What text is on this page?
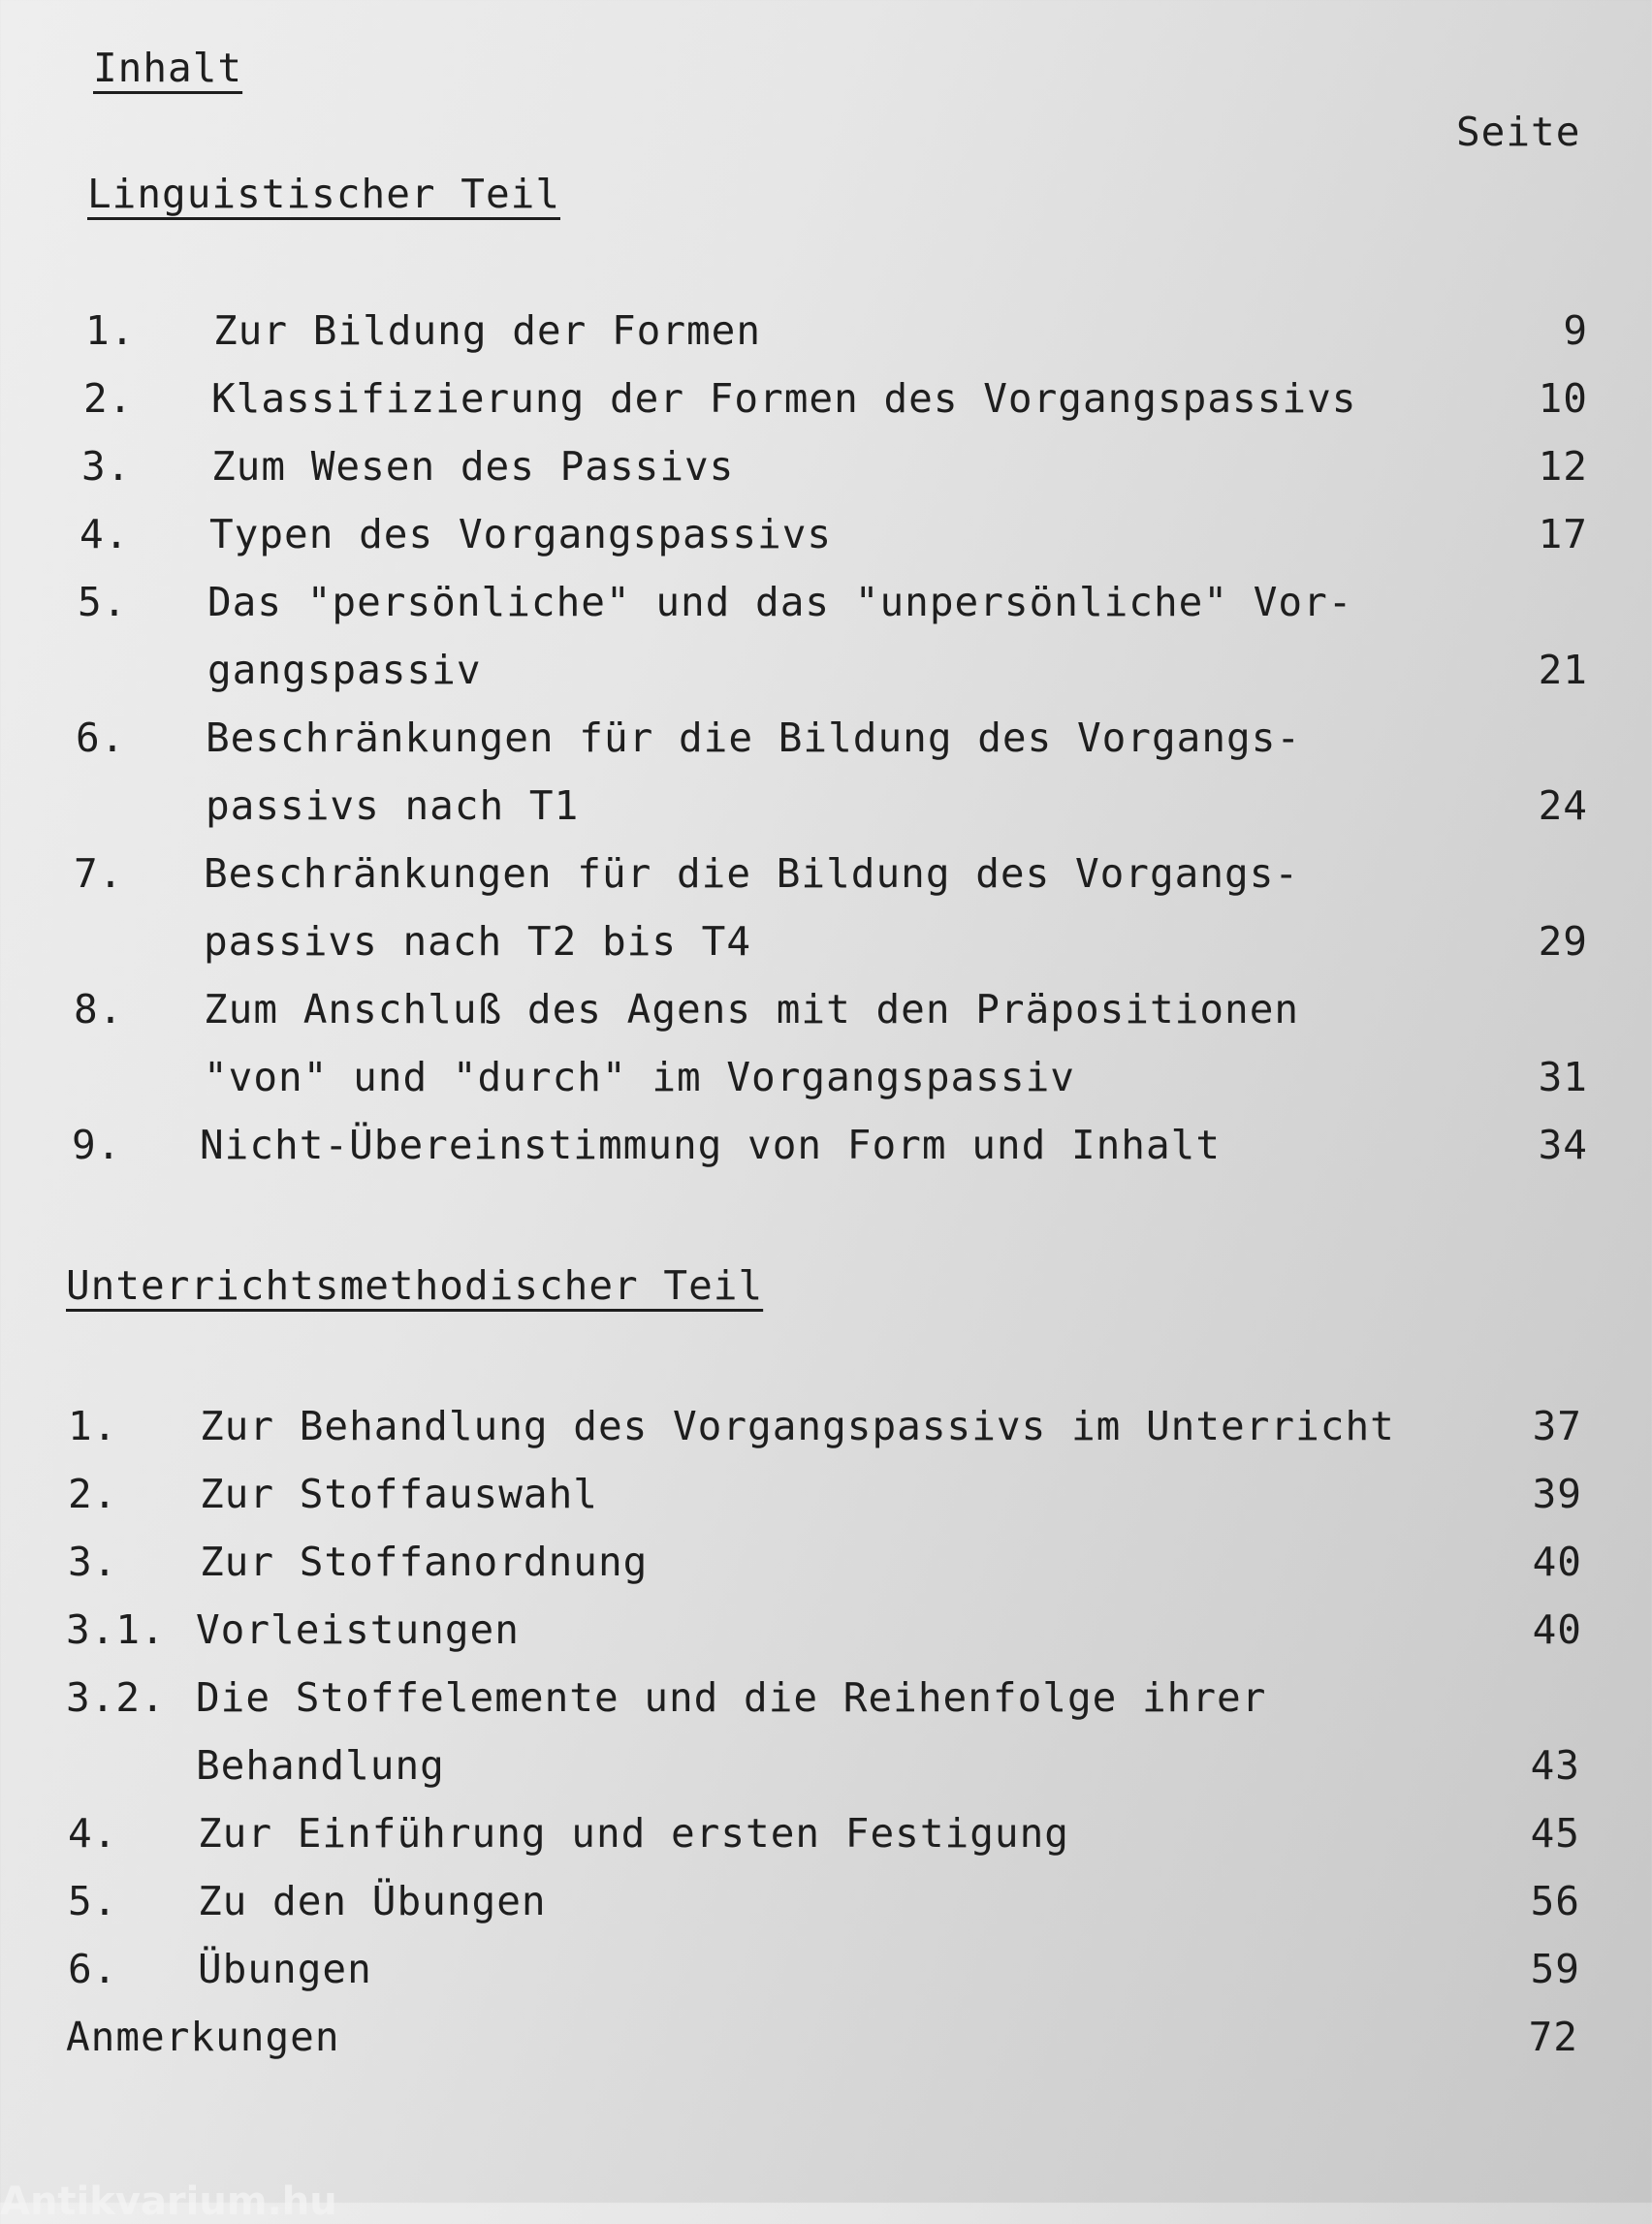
Inhalt
Seite
Linguistischer Teil
1. Zur Bildung der Formen	9
2. Klassifizierung der Formen des Vorgangspassivs	10
3. Zum Wesen des Passivs	12
4. Typen des Vorgangspassivs	17
5. Das "persönliche" und das "unpersönliche" Vor-
gangspassiv	21
6. Beschränkungen für die Bildung des Vorgangs-
passivs nach T1	24
7. Beschränkungen für die Bildung des Vorgangs-
passivs nach T2 bis T4	29
8. Zum Anschluß des Agens mit den Präpositionen
"von" und "durch" im Vorgangspassiv	31
9. Nicht-Übereinstimmung von Form und Inhalt	34
Unterrichtsmethodischer Teil
1. Zur Behandlung des Vorgangspassivs im Unterricht	37
2. Zur Stoffauswahl	39
3. Zur Stoffanordnung	40
3.1. Vorleistungen	40
3.2. Die Stoffelemente und die Reihenfolge ihrer
Behandlung	43
4. Zur Einführung und ersten Festigung	45
5. Zu den Übungen	56
6. Übungen	59
Anmerkungen	72
Antikvarium.hu
